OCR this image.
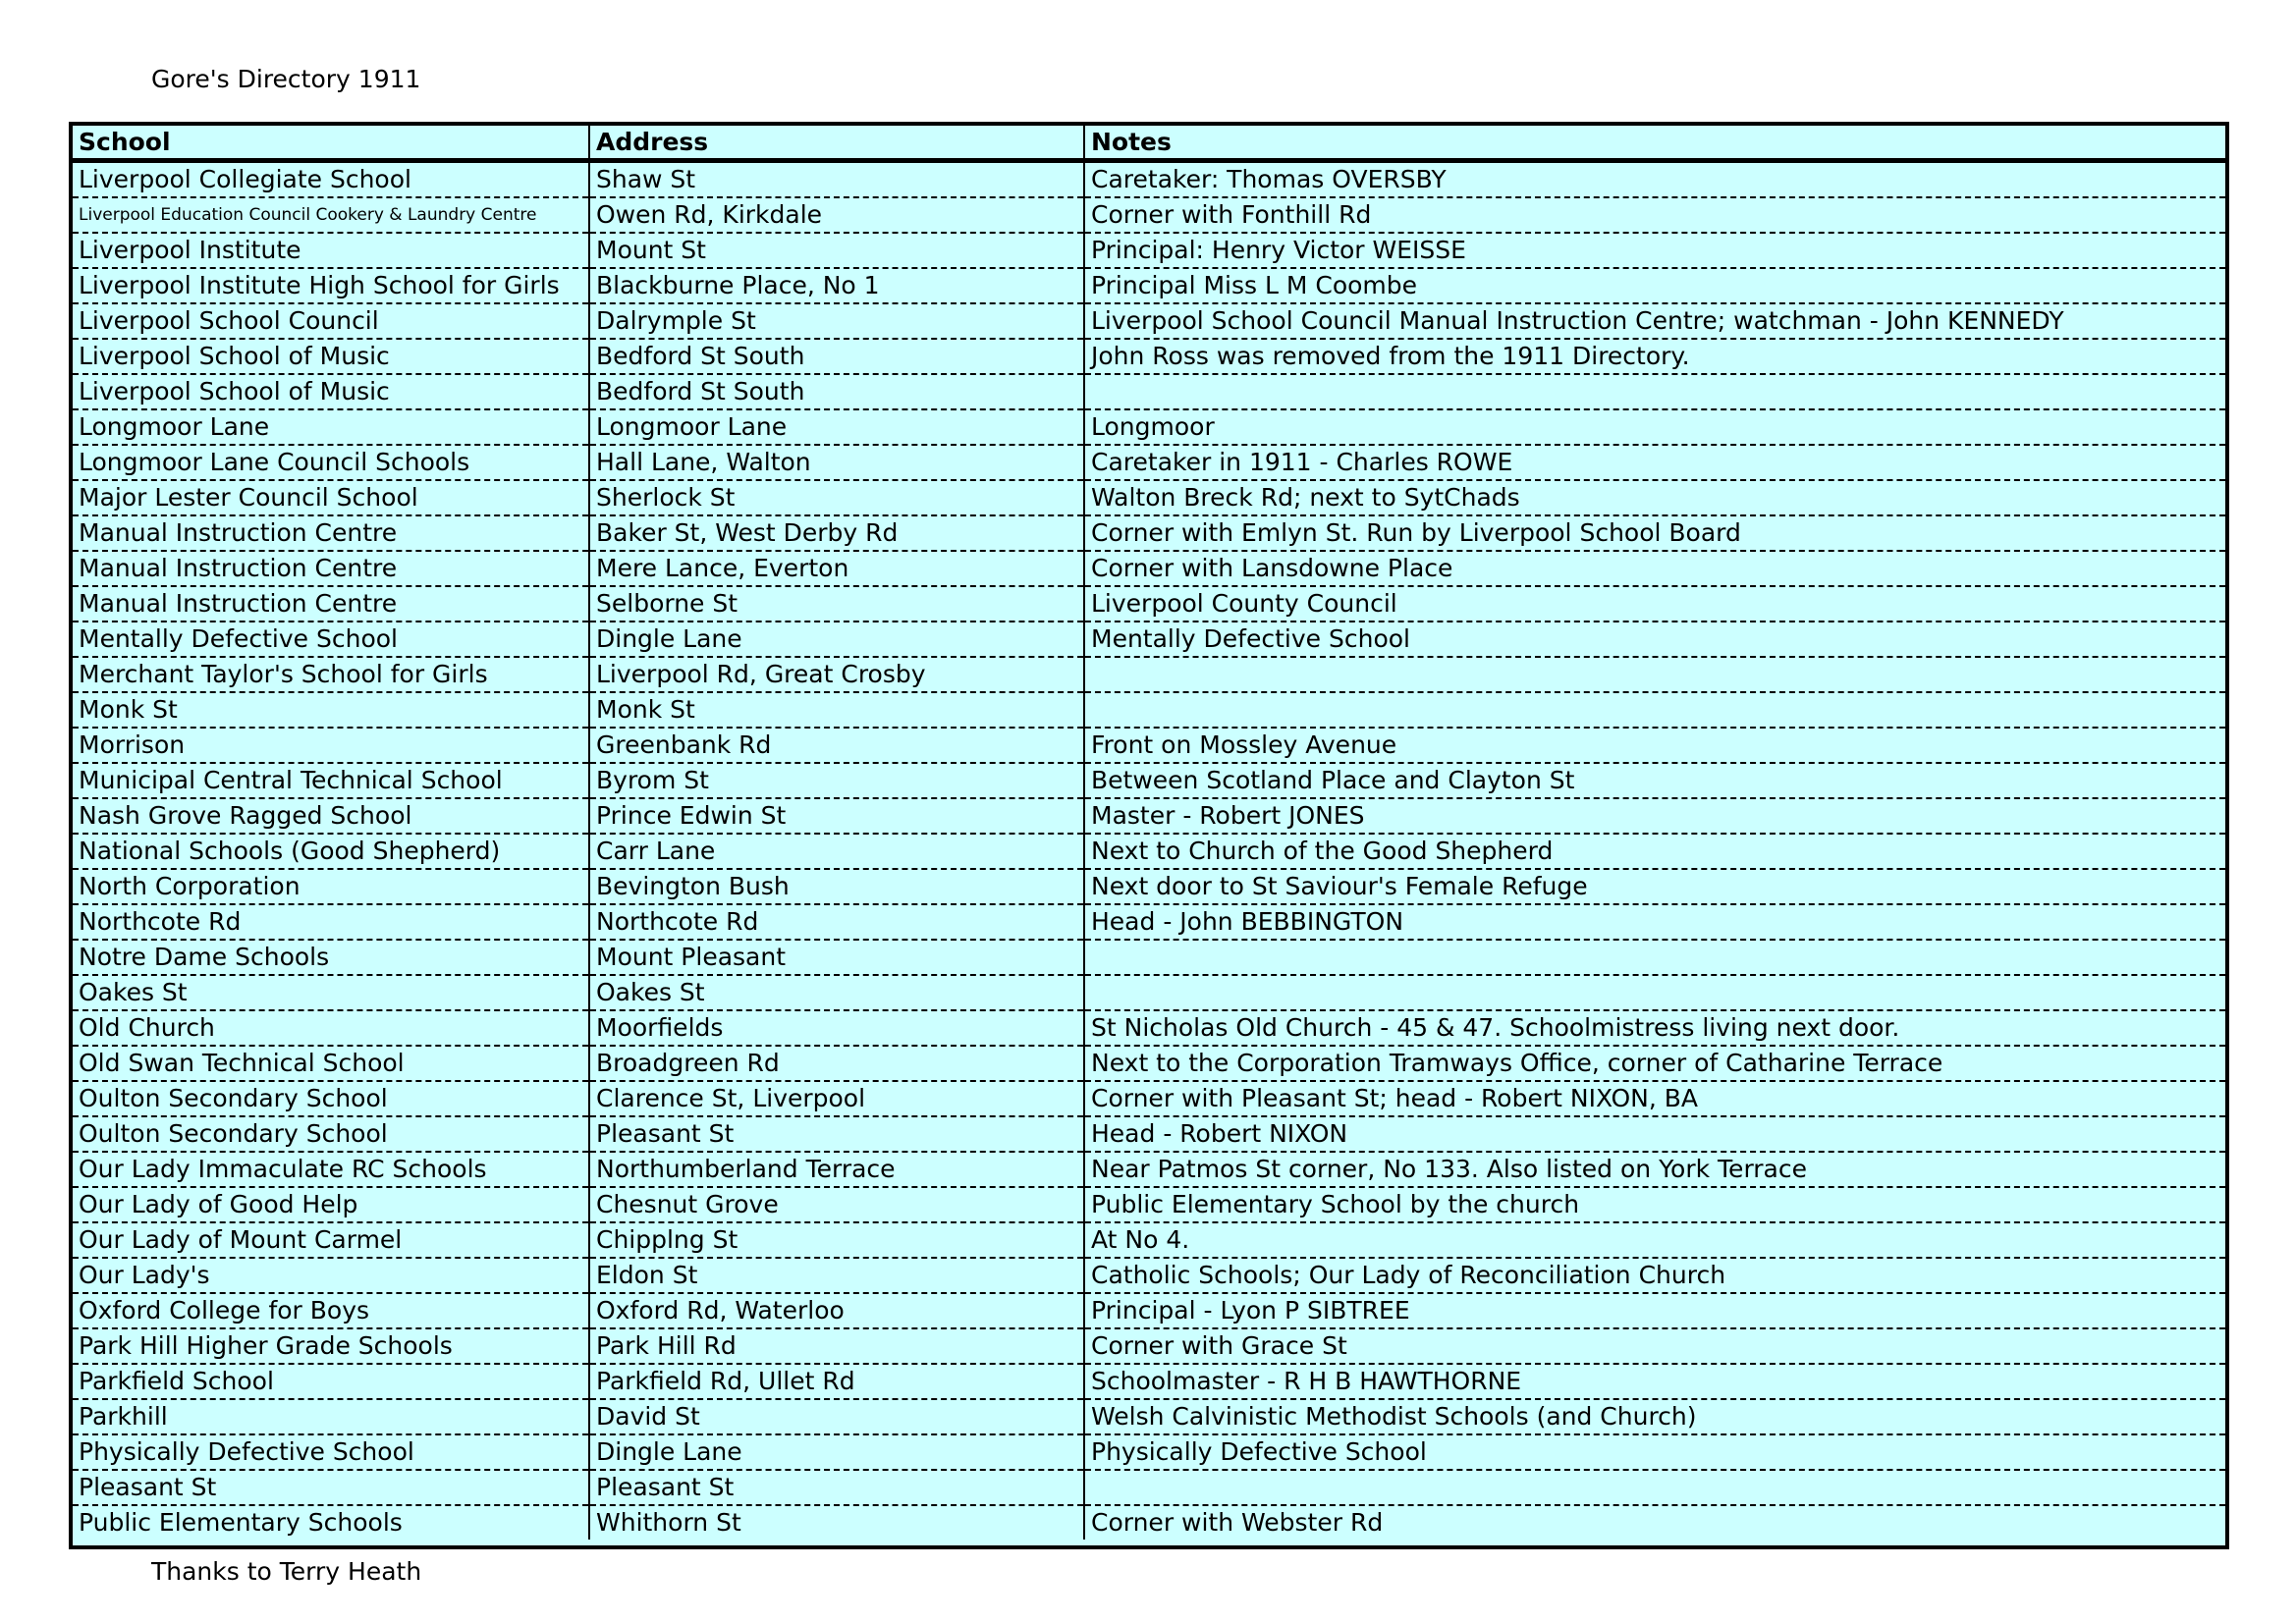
Gore's Directory 1911
School	Address	Notes
Liverpool Collegiate School	Shaw St	Caretaker: Thomas OVERSBY
Liverpool Education Council Cookery & Laundry Centre	Owen Rd, Kirkdale	Corner with Fonthill Rd
Liverpool Institute	Mount St	Principal: Henry Victor WEISSE
Liverpool Institute High School for Girls	Blackburne Place, No 1	Principal Miss L M Coombe
Liverpool School Council	Dalrymple St	Liverpool School Council Manual Instruction Centre; watchman - John KENNEDY
Liverpool School of Music	Bedford St South	John Ross was removed from the 1911 Directory.
Liverpool School of Music	Bedford St South	
Longmoor Lane	Longmoor Lane	Longmoor
Longmoor Lane Council Schools	Hall Lane, Walton	Caretaker in 1911 - Charles ROWE
Major Lester Council School	Sherlock St	Walton Breck Rd; next to SytChads
Manual Instruction Centre	Baker St, West Derby Rd	Corner with Emlyn St. Run by Liverpool School Board
Manual Instruction Centre	Mere Lance, Everton	Corner with Lansdowne Place
Manual Instruction Centre	Selborne St	Liverpool County Council
Mentally Defective School	Dingle Lane	Mentally Defective School
Merchant Taylor's School for Girls	Liverpool Rd, Great Crosby	
Monk St	Monk St	
Morrison	Greenbank Rd	Front on Mossley Avenue
Municipal Central Technical School	Byrom St	Between Scotland Place and Clayton St
Nash Grove Ragged School	Prince Edwin St	Master - Robert JONES
National Schools (Good Shepherd)	Carr Lane	Next to Church of the Good Shepherd
North Corporation	Bevington Bush	Next door to St Saviour's Female Refuge
Northcote Rd	Northcote Rd	Head - John BEBBINGTON
Notre Dame Schools	Mount Pleasant	
Oakes St	Oakes St	
Old Church	Moorfields	St Nicholas Old Church - 45 & 47. Schoolmistress living next door.
Old Swan Technical School	Broadgreen Rd	Next to the Corporation Tramways Office, corner of Catharine Terrace
Oulton Secondary School	Clarence St, Liverpool	Corner with Pleasant St; head - Robert NIXON, BA
Oulton Secondary School	Pleasant St	Head - Robert NIXON
Our Lady Immaculate RC Schools	Northumberland Terrace	Near Patmos St corner, No 133. Also listed on York Terrace
Our Lady of Good Help	Chesnut Grove	Public Elementary School by the church
Our Lady of Mount Carmel	Chipplng St	At No 4.
Our Lady's	Eldon St	Catholic Schools; Our Lady of Reconciliation Church
Oxford College for Boys	Oxford Rd, Waterloo	Principal - Lyon P SIBTREE
Park Hill Higher Grade Schools	Park Hill Rd	Corner with Grace St
Parkfield School	Parkfield Rd, Ullet Rd	Schoolmaster - R H B HAWTHORNE
Parkhill	David St	Welsh Calvinistic Methodist Schools (and Church)
Physically Defective School	Dingle Lane	Physically Defective School
Pleasant St	Pleasant St	
Public Elementary Schools	Whithorn St	Corner with Webster Rd
Thanks to Terry Heath
